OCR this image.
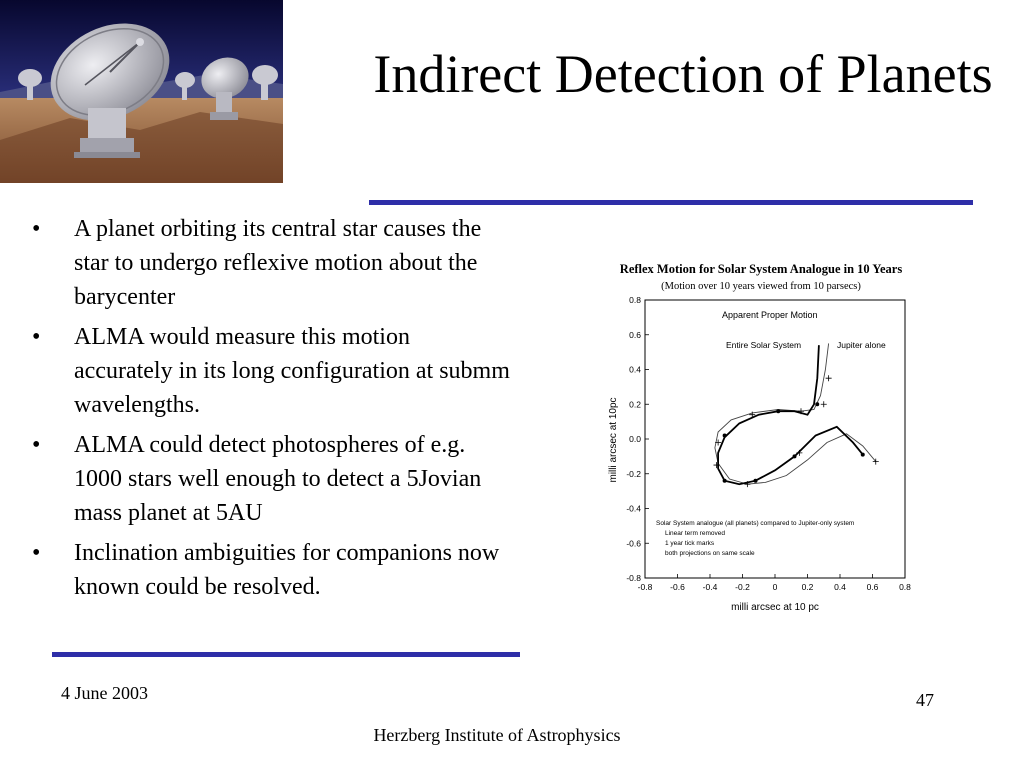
Indirect Detection of Planets
• A planet orbiting its central star causes the star to undergo reflexive motion about the barycenter
• ALMA would measure this motion accurately in its long configuration at submm wavelengths.
• ALMA could detect photospheres of e.g. 1000 stars well enough to detect a 5Jovian mass planet at 5AU
• Inclination ambiguities for companions now known could be resolved.
Reflex Motion for Solar System Analogue in 10 Years
(Motion over 10 years viewed from 10 parsecs)
-0.8 -0.6 -0.4 -0.2	0	0.2 0.4 0.6 0.8
0.8
0.6
0.4
0.2
0.0
-0.2
-0.4
-0.6
-0.8
milli arcsec at 10 pc
milli arcsec at 10pc
Apparent Proper Motion
Entire Solar System	Jupiter alone
Solar System analogue (all planets) compared to Jupiter-only system
Linear term removed
1 year tick marks
both projections on same scale
4 June 2003	47
Herzberg Institute of Astrophysics
